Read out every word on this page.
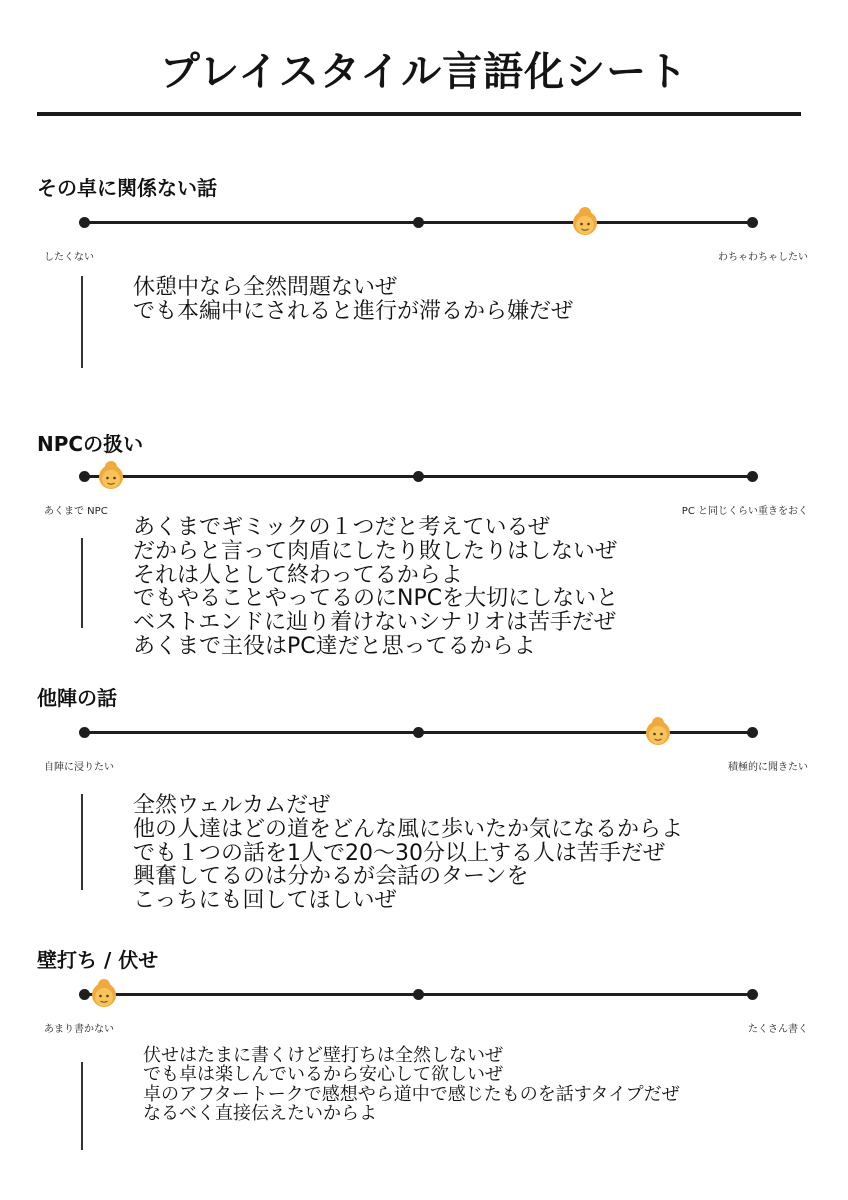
プレイスタイル言語化シート
その卓に関係ない話
したくない	わちゃわちゃしたい
休憩中なら全然問題ないぜ
でも本編中にされると進行が滞るから嫌だぜ
NPCの扱い
あくまで NPC	PC と同じくらい重きをおく
あくまでギミックの１つだと考えているぜ
だからと言って肉盾にしたり敗したりはしないぜ
それは人として終わってるからよ
でもやることやってるのにNPCを大切にしないと
ベストエンドに辿り着けないシナリオは苦手だぜ
あくまで主役はPC達だと思ってるからよ
他陣の話
自陣に浸りたい	積極的に聞きたい
全然ウェルカムだぜ
他の人達はどの道をどんな風に歩いたか気になるからよ
でも１つの話を1人で20〜30分以上する人は苦手だぜ
興奮してるのは分かるが会話のターンを
こっちにも回してほしいぜ
壁打ち / 伏せ
あまり書かない	たくさん書く
伏せはたまに書くけど壁打ちは全然しないぜ
でも卓は楽しんでいるから安心して欲しいぜ
卓のアフタートークで感想やら道中で感じたものを話すタイプだぜ
なるべく直接伝えたいからよ
